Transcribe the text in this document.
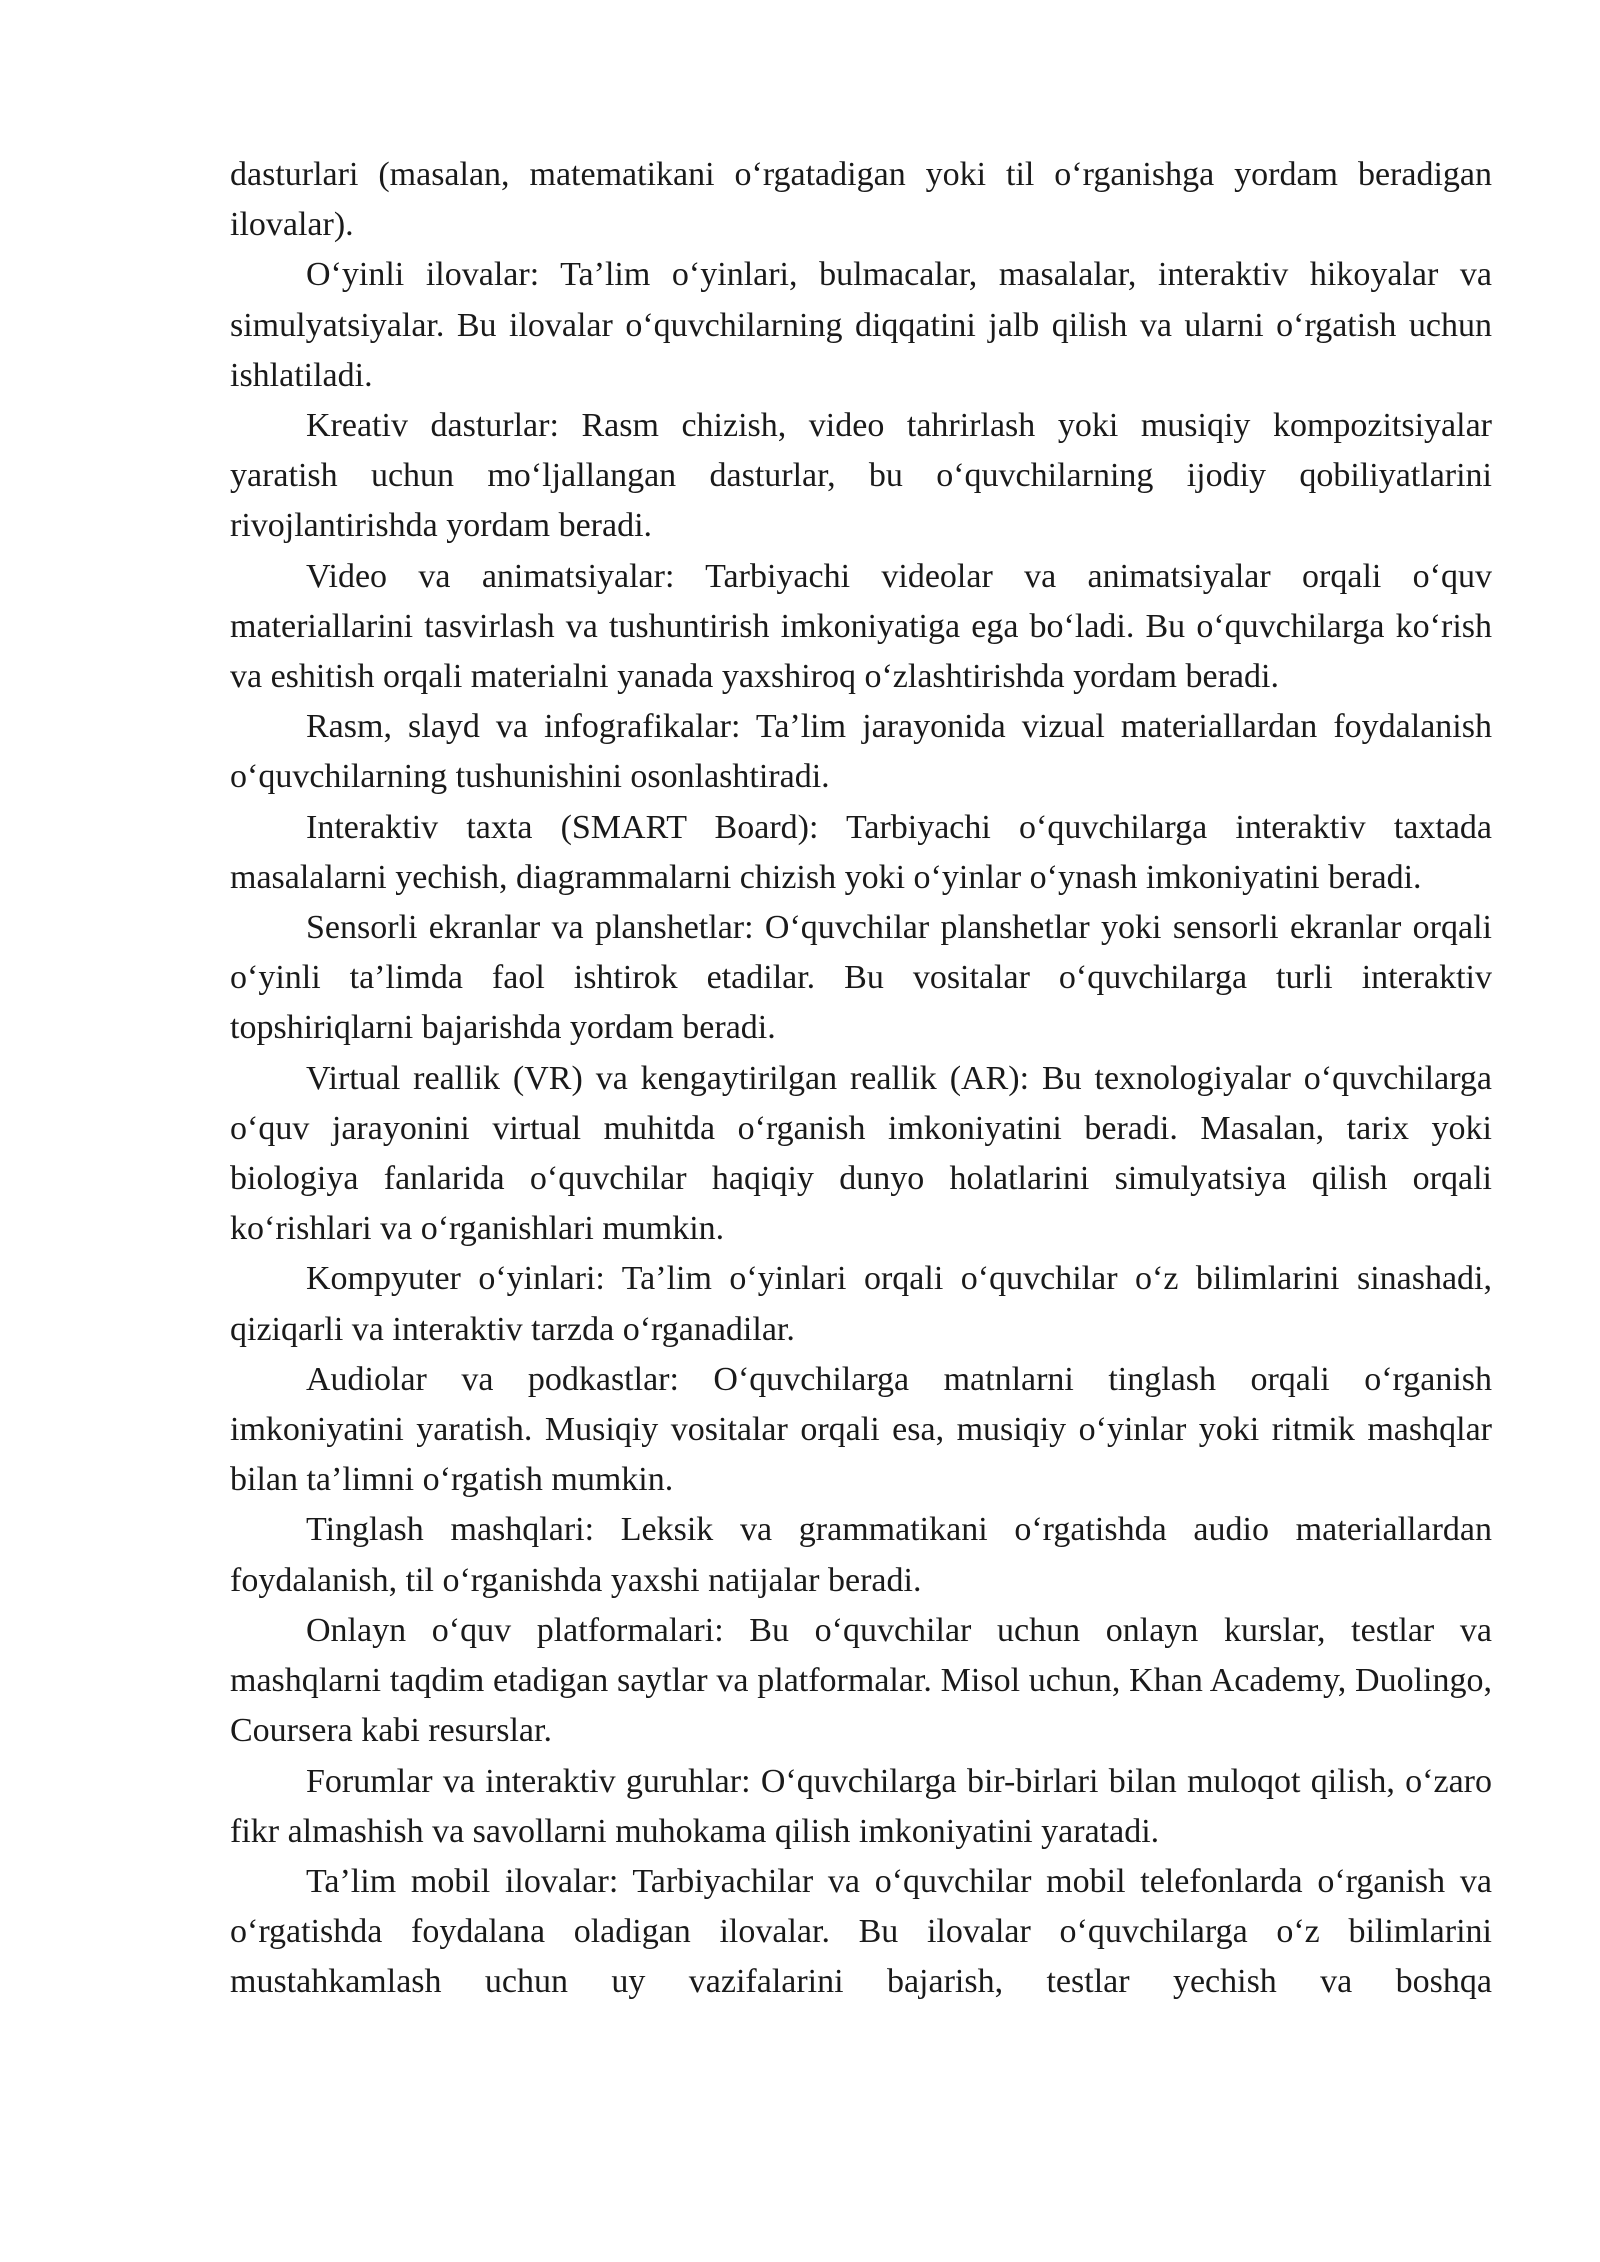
dasturlari (masalan, matematikani o‘rgatadigan yoki til o‘rganishga yordam beradigan ilovalar).

O‘yinli ilovalar: Ta’lim o‘yinlari, bulmacalar, masalalar, interaktiv hikoyalar va simulyatsiyalar. Bu ilovalar o‘quvchilarning diqqatini jalb qilish va ularni o‘rgatish uchun ishlatiladi.

Kreativ dasturlar: Rasm chizish, video tahrirlash yoki musiqiy kompozitsiyalar yaratish uchun mo‘ljallangan dasturlar, bu o‘quvchilarning ijodiy qobiliyatlarini rivojlantirishda yordam beradi.

Video va animatsiyalar: Tarbiyachi videolar va animatsiyalar orqali o‘quv materiallarini tasvirlash va tushuntirish imkoniyatiga ega bo‘ladi. Bu o‘quvchilarga ko‘rish va eshitish orqali materialni yanada yaxshiroq o‘zlashtirishda yordam beradi.

Rasm, slayd va infografikalar: Ta’lim jarayonida vizual materiallardan foydalanish o‘quvchilarning tushunishini osonlashtiradi.

Interaktiv taxta (SMART Board): Tarbiyachi o‘quvchilarga interaktiv taxtada masalalarni yechish, diagrammalarni chizish yoki o‘yinlar o‘ynash imkoniyatini beradi.

Sensorli ekranlar va planshetlar: O‘quvchilar planshetlar yoki sensorli ekranlar orqali o‘yinli ta’limda faol ishtirok etadilar. Bu vositalar o‘quvchilarga turli interaktiv topshiriqlarni bajarishda yordam beradi.

Virtual reallik (VR) va kengaytirilgan reallik (AR): Bu texnologiyalar o‘quvchilarga o‘quv jarayonini virtual muhitda o‘rganish imkoniyatini beradi. Masalan, tarix yoki biologiya fanlarida o‘quvchilar haqiqiy dunyo holatlarini simulyatsiya qilish orqali ko‘rishlari va o‘rganishlari mumkin.

Kompyuter o‘yinlari: Ta’lim o‘yinlari orqali o‘quvchilar o‘z bilimlarini sinashadi, qiziqarli va interaktiv tarzda o‘rganadilar.

Audiolar va podkastlar: O‘quvchilarga matnlarni tinglash orqali o‘rganish imkoniyatini yaratish. Musiqiy vositalar orqali esa, musiqiy o‘yinlar yoki ritmik mashqlar bilan ta’limni o‘rgatish mumkin.

Tinglash mashqlari: Leksik va grammatikani o‘rgatishda audio materiallardan foydalanish, til o‘rganishda yaxshi natijalar beradi.

Onlayn o‘quv platformalari: Bu o‘quvchilar uchun onlayn kurslar, testlar va mashqlarni taqdim etadigan saytlar va platformalar. Misol uchun, Khan Academy, Duolingo, Coursera kabi resurslar.

Forumlar va interaktiv guruhlar: O‘quvchilarga bir-birlari bilan muloqot qilish, o‘zaro fikr almashish va savollarni muhokama qilish imkoniyatini yaratadi.

Ta’lim mobil ilovalar: Tarbiyachilar va o‘quvchilar mobil telefonlarda o‘rganish va o‘rgatishda foydalana oladigan ilovalar. Bu ilovalar o‘quvchilarga o‘z bilimlarini mustahkamlash uchun uy vazifalarini bajarish, testlar yechish va boshqa
